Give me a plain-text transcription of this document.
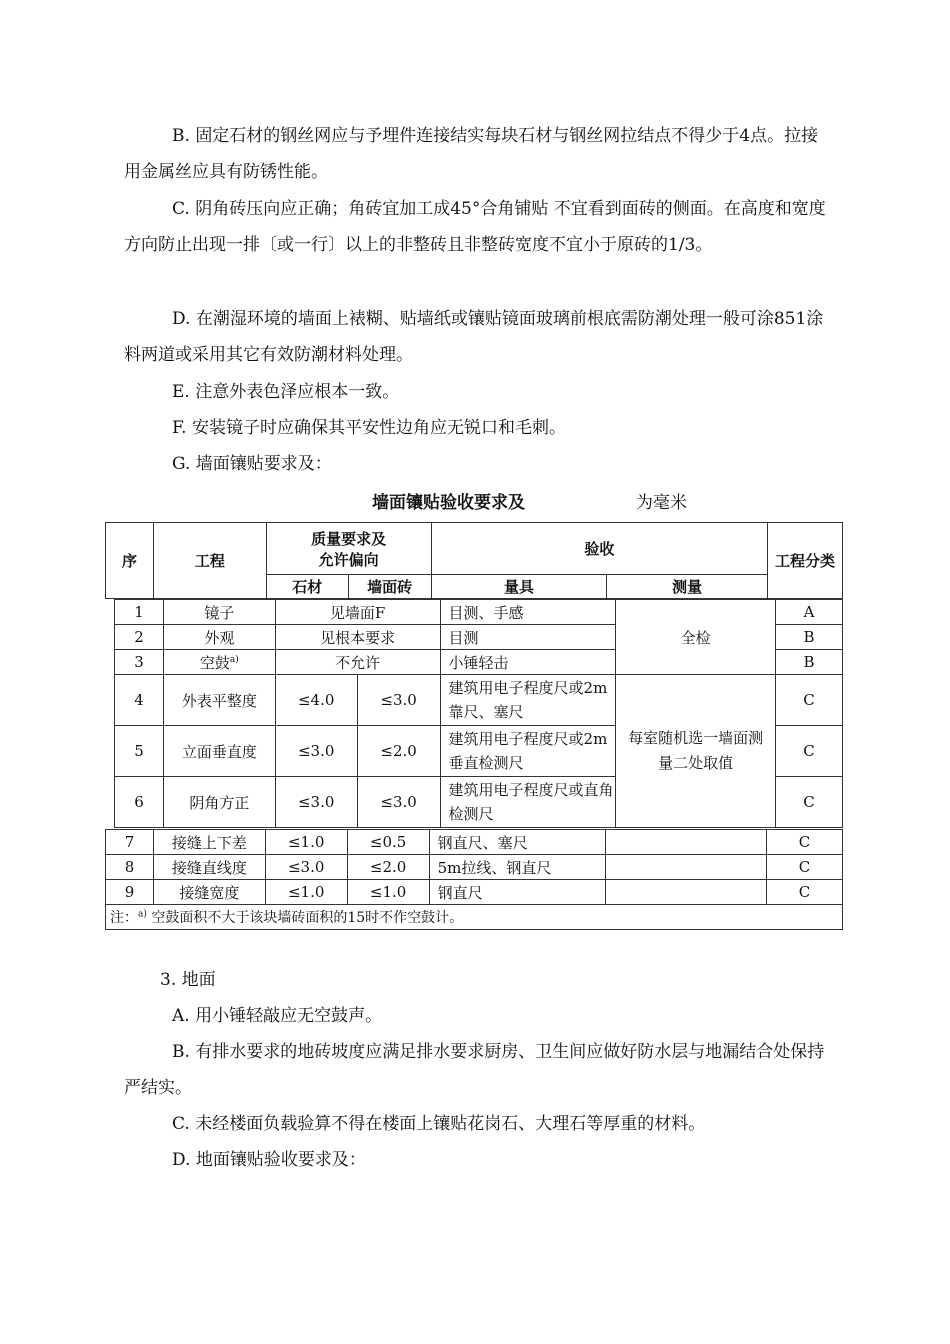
B. 固定石材的钢丝网应与予埋件连接结实每块石材与钢丝网拉结点不得少于4点。拉接用金属丝应具有防锈性能。
C. 阴角砖压向应正确；角砖宜加工成45°合角铺贴 不宜看到面砖的侧面。在高度和宽度方向防止出现一排〔或一行〕以上的非整砖且非整砖宽度不宜小于原砖的1/3。
D. 在潮湿环境的墙面上裱糊、贴墙纸或镶贴镜面玻璃前根底需防潮处理一般可涂851涂料两道或采用其它有效防潮材料处理。
E. 注意外表色泽应根本一致。
F. 安装镜子时应确保其平安性边角应无锐口和毛刺。
G. 墙面镶贴要求及：
墙面镶贴验收要求及	为毫米
序	工程	质量要求及允许偏向		验收		工程分类
		石材	墙面砖	量具	测量	
1	镜子	见墙面F		目测、手感	全检	A
2	外观	见根本要求		目测		B
3	空鼓$^{a)}$	不允许		小锤轻击		B
4	外表平整度	≤4.0	≤3.0	建筑用电子程度尺或2m靠尺、塞尺	每室随机选一墙面测量二处取值	C
5	立面垂直度	≤3.0	≤2.0	建筑用电子程度尺或2m垂直检测尺		C
6	阴角方正	≤3.0	≤3.0	建筑用电子程度尺或直角检测尺		C
7	接缝上下差	≤1.0	≤0.5	钢直尺、塞尺		C
8	接缝直线度	≤3.0	≤2.0	5m拉线、钢直尺		C
9	接缝宽度	≤1.0	≤1.0	钢直尺		C
注：$^{a)}$ 空鼓面积不大于该块墙砖面积的15时不作空鼓计。						
3. 地面
A. 用小锤轻敲应无空鼓声。
B. 有排水要求的地砖坡度应满足排水要求厨房、卫生间应做好防水层与地漏结合处保持严结实。
C. 未经楼面负载验算不得在楼面上镶贴花岗石、大理石等厚重的材料。
D. 地面镶贴验收要求及：
